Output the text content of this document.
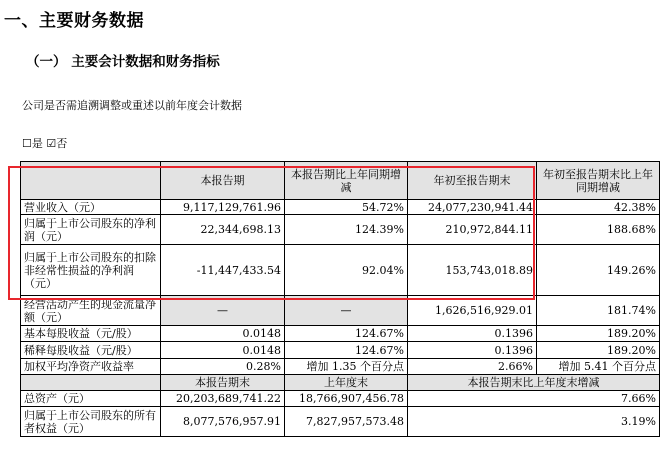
一、主要财务数据
（一） 主要会计数据和财务指标
公司是否需追溯调整或重述以前年度会计数据
☐是 ☑否
	本报告期	本报告期比上年同期增减	年初至报告期末	年初至报告期末比上年同期增减
营业收入（元）	9,117,129,761.96	54.72%	24,077,230,941.44	42.38%
归属于上市公司股东的净利润（元）	22,344,698.13	124.39%	210,972,844.11	188.68%
归属于上市公司股东的扣除非经常性损益的净利润（元）	-11,447,433.54	92.04%	153,743,018.89	149.26%
经营活动产生的现金流量净额（元）	—	—	1,626,516,929.01	181.74%
基本每股收益（元/股）	0.0148	124.67%	0.1396	189.20%
稀释每股收益（元/股）	0.0148	124.67%	0.1396	189.20%
加权平均净资产收益率	0.28%	增加 1.35 个百分点	2.66%	增加 5.41 个百分点
	本报告期末	上年度末	本报告期末比上年度末增减	
总资产（元）	20,203,689,741.22	18,766,907,456.78	7.66%	
归属于上市公司股东的所有者权益（元）	8,077,576,957.91	7,827,957,573.48	3.19%	
